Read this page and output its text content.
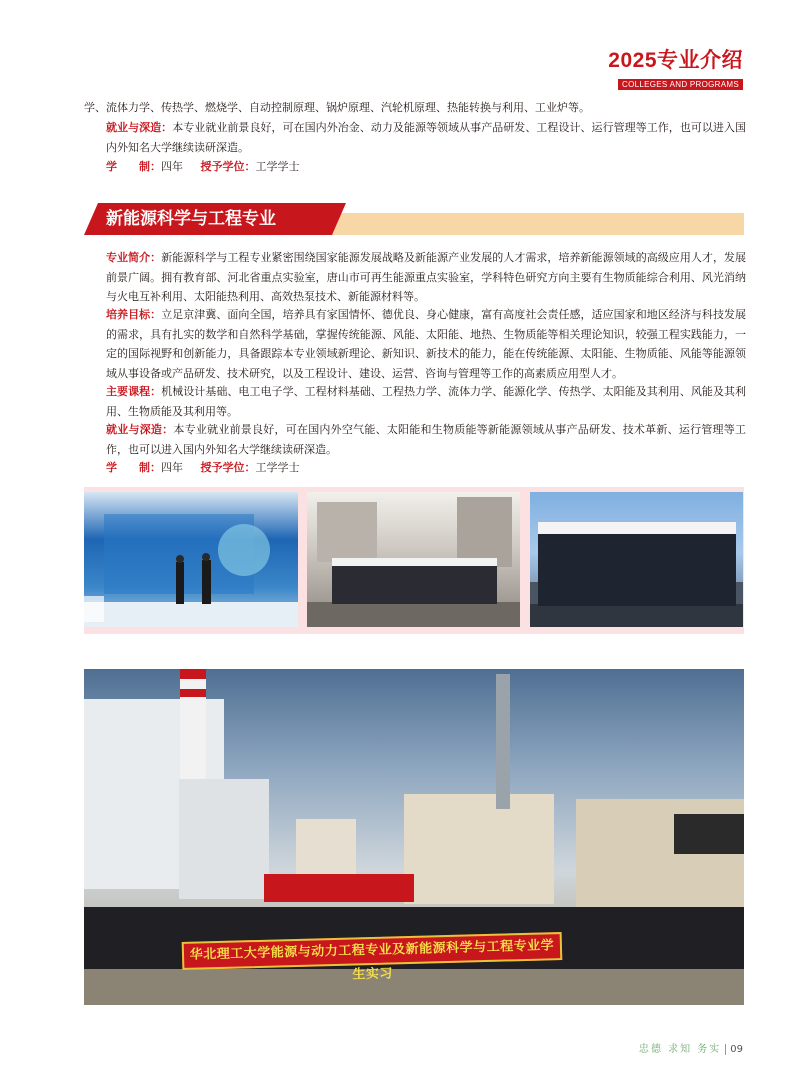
2025专业介绍
COLLEGES AND PROGRAMS
学、流体力学、传热学、燃烧学、自动控制原理、锅炉原理、汽轮机原理、热能转换与利用、工业炉等。
就业与深造：本专业就业前景良好，可在国内外冶金、动力及能源等领域从事产品研发、工程设计、运行管理等工作，也可以进入国内外知名大学继续读研深造。
学　　制：四年 授予学位：工学学士
新能源科学与工程专业
专业简介：新能源科学与工程专业紧密围绕国家能源发展战略及新能源产业发展的人才需求，培养新能源领域的高级应用人才，发展前景广阔。拥有教育部、河北省重点实验室，唐山市可再生能源重点实验室，学科特色研究方向主要有生物质能综合利用、风光消纳与火电互补利用、太阳能热利用、高效热泵技术、新能源材料等。
培养目标：立足京津冀、面向全国，培养具有家国情怀、德优良、身心健康，富有高度社会责任感，适应国家和地区经济与科技发展的需求，具有扎实的数学和自然科学基础，掌握传统能源、风能、太阳能、地热、生物质能等相关理论知识，较强工程实践能力，一定的国际视野和创新能力，具备跟踪本专业领域新理论、新知识、新技术的能力，能在传统能源、太阳能、生物质能、风能等能源领域从事设备或产品研发、技术研究，以及工程设计、建设、运营、咨询与管理等工作的高素质应用型人才。
主要课程：机械设计基础、电工电子学、工程材料基础、工程热力学、流体力学、能源化学、传热学、太阳能及其利用、风能及其利用、生物质能及其利用等。
就业与深造：本专业就业前景良好，可在国内外空气能、太阳能和生物质能等新能源领域从事产品研发、技术革新、运行管理等工作，也可以进入国内外知名大学继续读研深造。
学　　制：四年 授予学位：工学学士
华北理工大学能源与动力工程专业及新能源科学与工程专业学生实习
忠德 求知 务实 09
